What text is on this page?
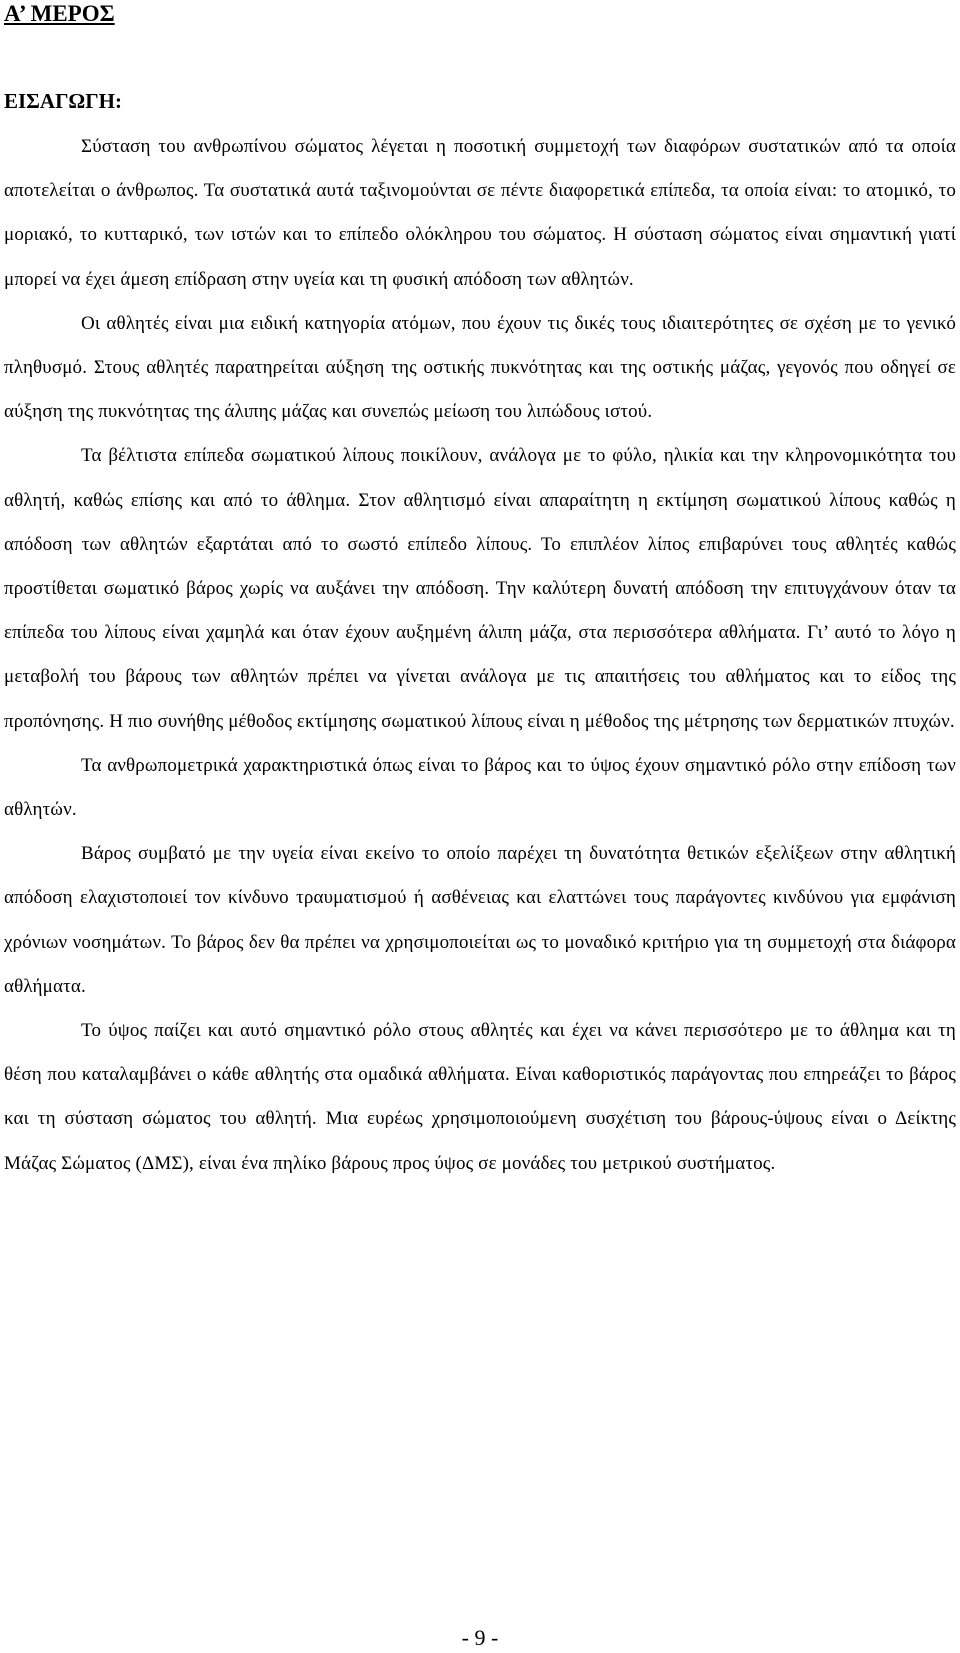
Α’ ΜΕΡΟΣ
ΕΙΣΑΓΩΓΗ:

Σύσταση του ανθρωπίνου σώματος λέγεται η ποσοτική συμμετοχή των διαφόρων συστατικών από τα οποία αποτελείται ο άνθρωπος. Τα συστατικά αυτά ταξινομούνται σε πέντε διαφορετικά επίπεδα, τα οποία είναι: το ατομικό, το μοριακό, το κυτταρικό, των ιστών και το επίπεδο ολόκληρου του σώματος. Η σύσταση σώματος είναι σημαντική γιατί μπορεί να έχει άμεση επίδραση στην υγεία και τη φυσική απόδοση των αθλητών.

Οι αθλητές είναι μια ειδική κατηγορία ατόμων, που έχουν τις δικές τους ιδιαιτερότητες σε σχέση με το γενικό πληθυσμό. Στους αθλητές παρατηρείται αύξηση της οστικής πυκνότητας και της οστικής μάζας, γεγονός που οδηγεί σε αύξηση της πυκνότητας της άλιπης μάζας και συνεπώς μείωση του λιπώδους ιστού.

Τα βέλτιστα επίπεδα σωματικού λίπους ποικίλουν, ανάλογα με το φύλο, ηλικία και την κληρονομικότητα του αθλητή, καθώς επίσης και από το άθλημα. Στον αθλητισμό είναι απαραίτητη η εκτίμηση σωματικού λίπους καθώς η απόδοση των αθλητών εξαρτάται από το σωστό επίπεδο λίπους. Το επιπλέον λίπος επιβαρύνει τους αθλητές καθώς προστίθεται σωματικό βάρος χωρίς να αυξάνει την απόδοση. Την καλύτερη δυνατή απόδοση την επιτυγχάνουν όταν τα επίπεδα του λίπους είναι χαμηλά και όταν έχουν αυξημένη άλιπη μάζα, στα περισσότερα αθλήματα. Γι’ αυτό το λόγο η μεταβολή του βάρους των αθλητών πρέπει να γίνεται ανάλογα με τις απαιτήσεις του αθλήματος και το είδος της προπόνησης. Η πιο συνήθης μέθοδος εκτίμησης σωματικού λίπους είναι η μέθοδος της μέτρησης των δερματικών πτυχών.

Τα ανθρωπομετρικά χαρακτηριστικά όπως είναι το βάρος και το ύψος έχουν σημαντικό ρόλο στην επίδοση των αθλητών.

Βάρος συμβατό με την υγεία είναι εκείνο το οποίο παρέχει τη δυνατότητα θετικών εξελίξεων στην αθλητική απόδοση ελαχιστοποιεί τον κίνδυνο τραυματισμού ή ασθένειας και ελαττώνει τους παράγοντες κινδύνου για εμφάνιση χρόνιων νοσημάτων. Το βάρος δεν θα πρέπει να χρησιμοποιείται ως το μοναδικό κριτήριο για τη συμμετοχή στα διάφορα αθλήματα.

Το ύψος παίζει και αυτό σημαντικό ρόλο στους αθλητές και έχει να κάνει περισσότερο με το άθλημα και τη θέση που καταλαμβάνει ο κάθε αθλητής στα ομαδικά αθλήματα. Είναι καθοριστικός παράγοντας που επηρεάζει το βάρος και τη σύσταση σώματος του αθλητή. Μια ευρέως χρησιμοποιούμενη συσχέτιση του βάρους-ύψους είναι ο Δείκτης Μάζας Σώματος (ΔΜΣ), είναι ένα πηλίκο βάρους προς ύψος σε μονάδες του μετρικού συστήματος.

- 9 -
